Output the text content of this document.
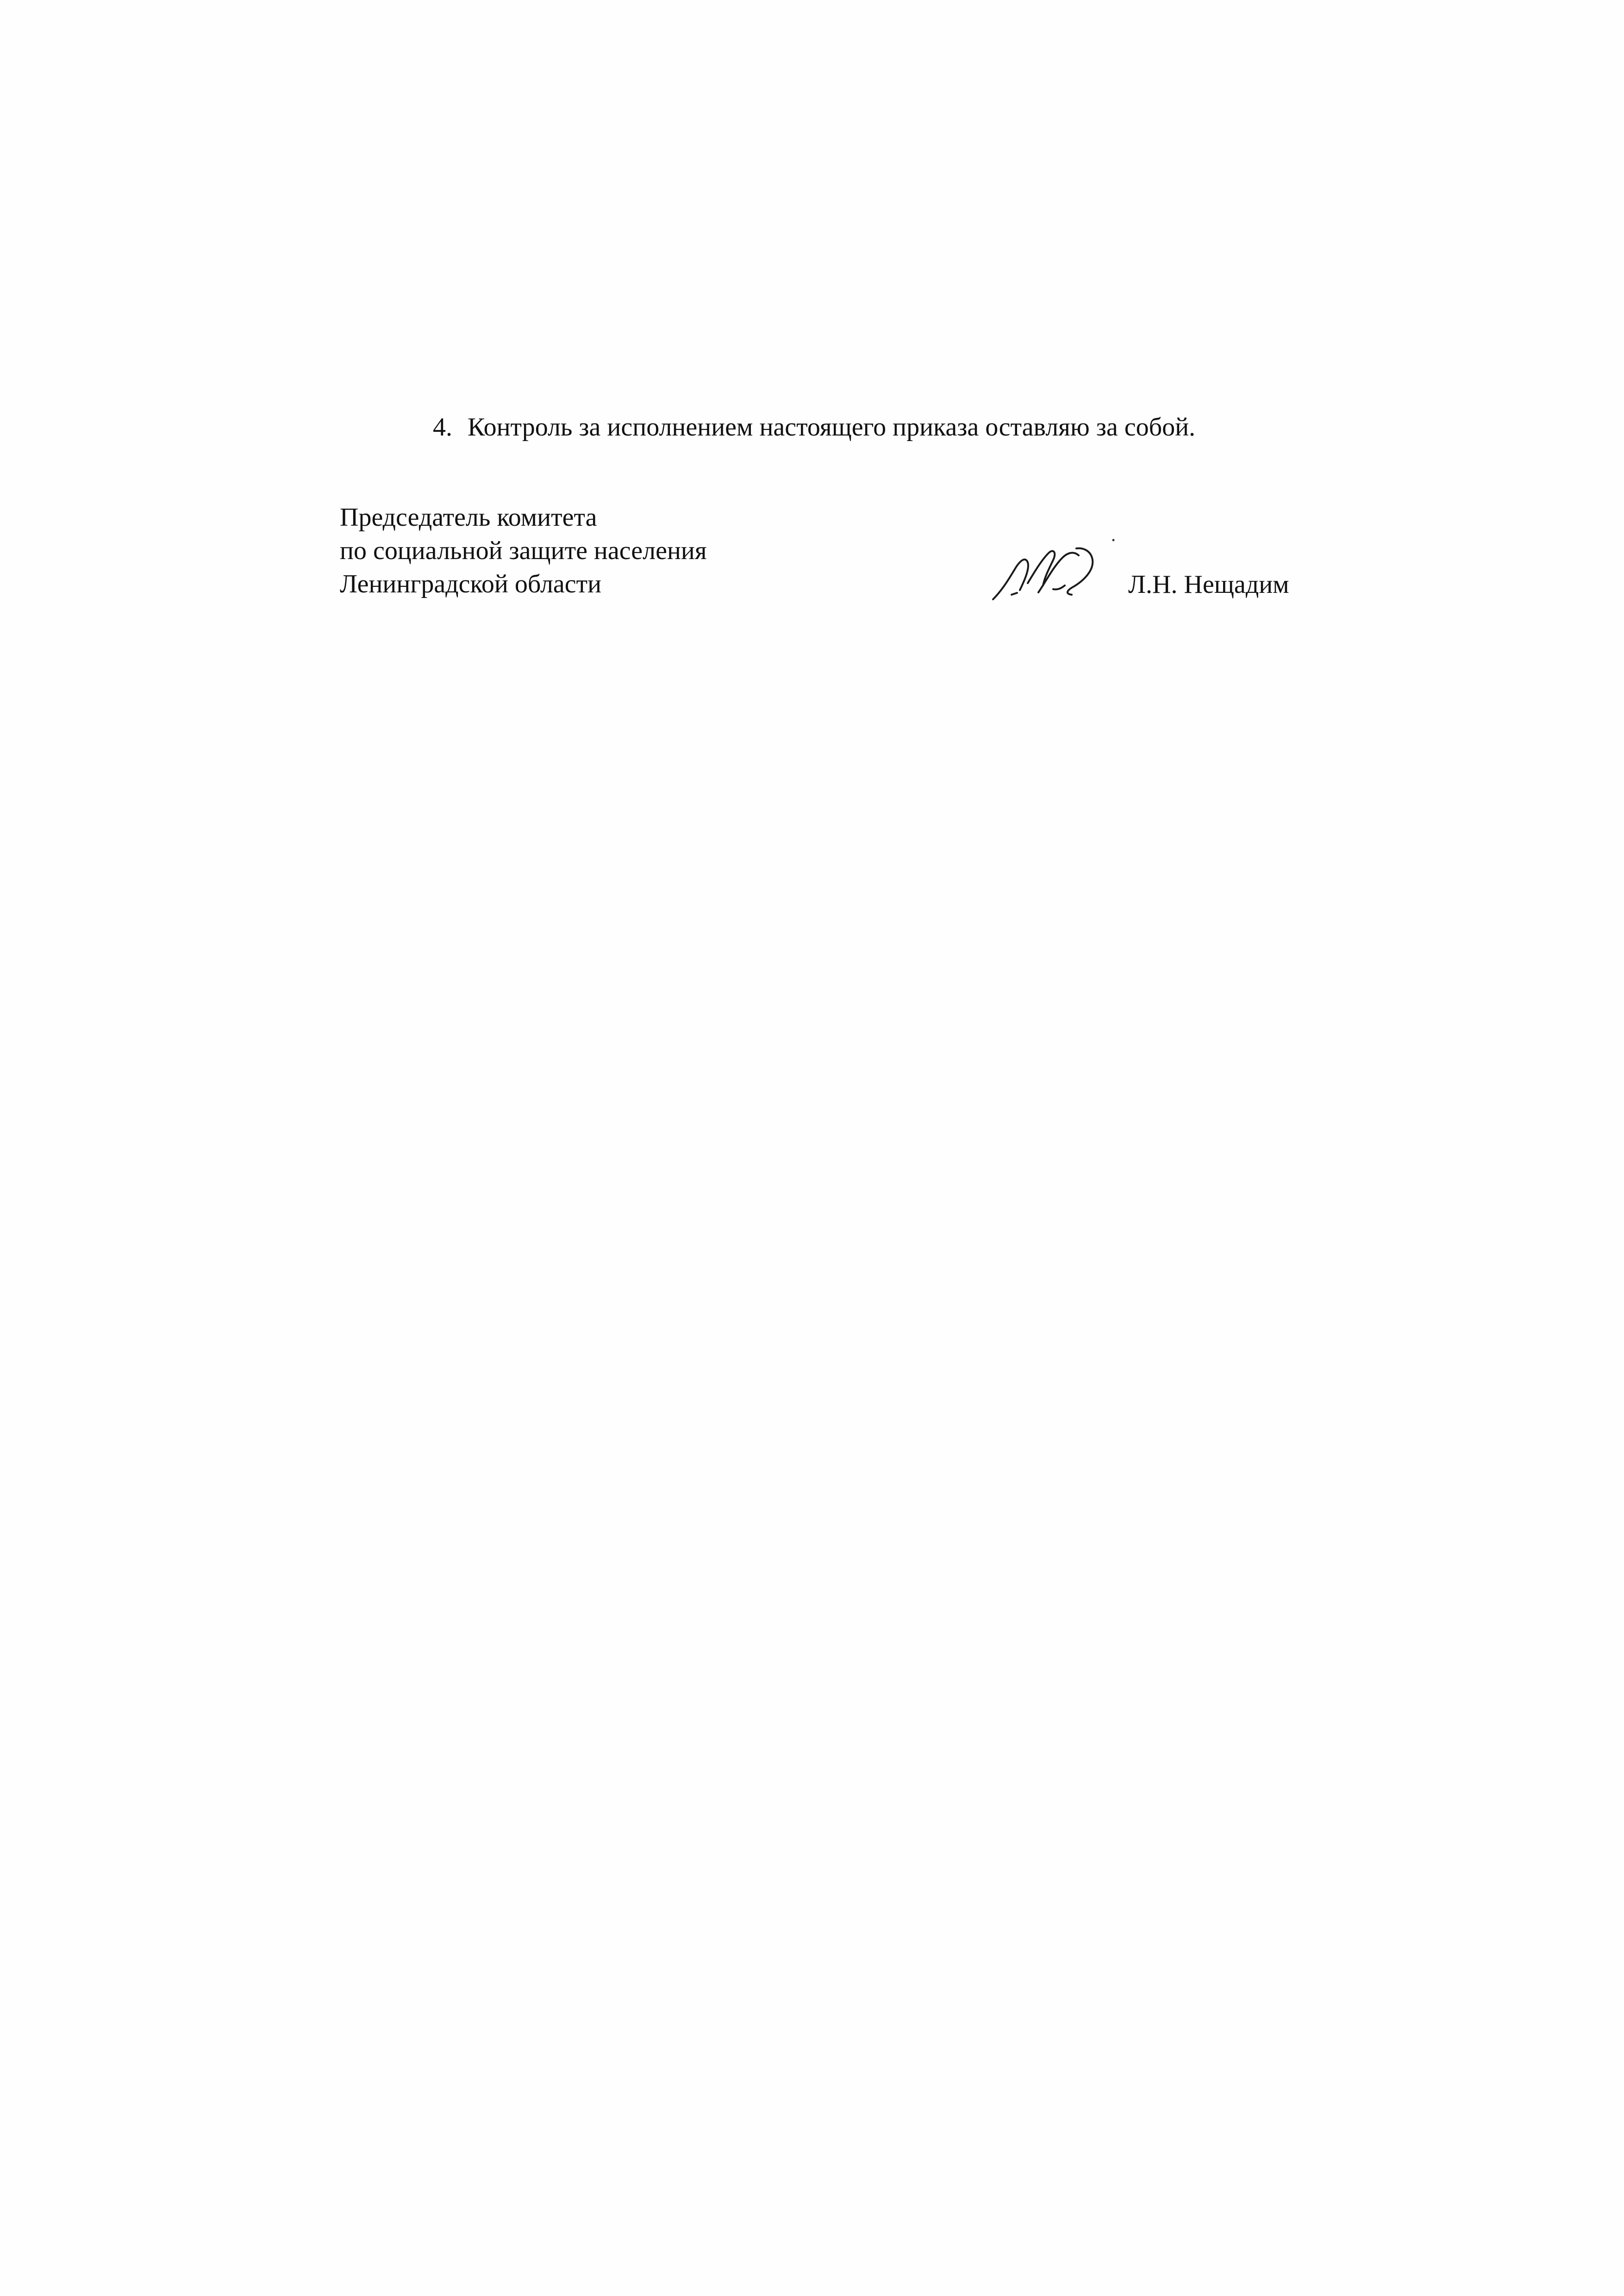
4. Контроль за исполнением настоящего приказа оставляю за собой.
Председатель комитета
по социальной защите населения
Ленинградской области	Л.Н. Нещадим
